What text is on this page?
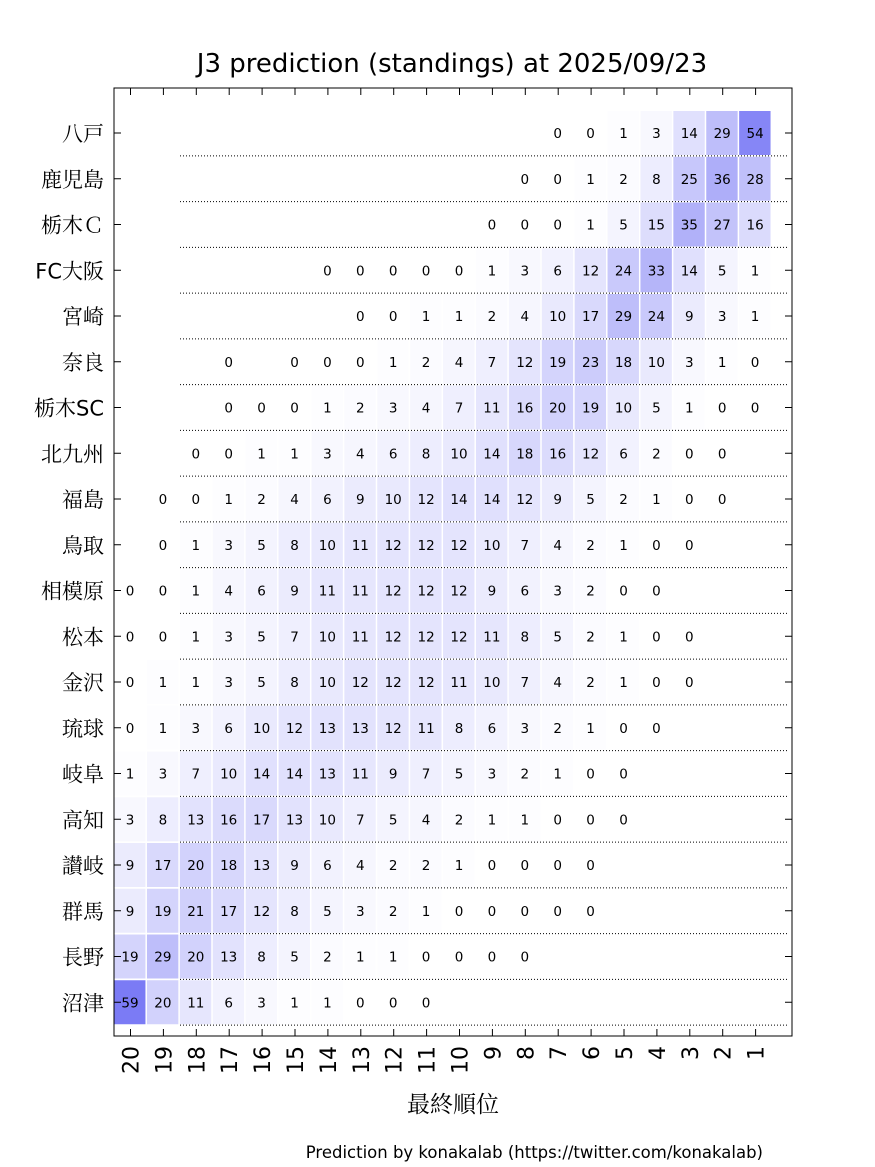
J3 prediction (standings) at 2025/09/23
八戸
鹿児島
栃木Ｃ
FC大阪
宮崎
奈良
栃木SC
北九州
福島
鳥取
相模原
松本
金沢
琉球
岐阜
高知
讃岐
群馬
長野
沼津
20 19 18 17 16 15 14 13 12 11 10 9 8 7 6 5 4 3 2 1
0 0 1 3 14 29 54
0 0 1 2 8 25 36 28
0 0 0 1 5 15 35 27 16
0 0 0 0 0 1 3 6 12 24 33 14 5 1
0 0 1 1 2 4 10 17 29 24 9 3 1
0	0 0 0 1 2 4 7 12 19 23 18 10 3 1 0
0 0 0 1 2 3 4 7 11 16 20 19 10 5 1 0 0
0 0 1 1 3 4 6 8 10 14 18 16 12 6 2 0 0
0 0 1 2 4 6 9 10 12 14 14 12 9 5 2 1 0 0
0 1 3 5 8 10 11 12 12 12 10 7 4 2 1 0 0
0 0 1 4 6 9 11 11 12 12 12 9 6 3 2 0 0
0 0 1 3 5 7 10 11 12 12 12 11 8 5 2 1 0 0
0 1 1 3 5 8 10 12 12 12 11 10 7 4 2 1 0 0
0 1 3 6 10 12 13 13 12 11 8 6 3 2 1 0 0
1 3 7 10 14 14 13 11 9 7 5 3 2 1 0 0
3 8 13 16 17 13 10 7 5 4 2 1 1 0 0 0
9 17 20 18 13 9 6 4 2 2 1 0 0 0 0
9 19 21 17 12 8 5 3 2 1 0 0 0 0 0
19 29 20 13 8 5 2 1 1 0 0 0 0
59 20 11 6 3 1 1 0 0 0
最終順位
Prediction by konakalab (https://twitter.com/konakalab)
